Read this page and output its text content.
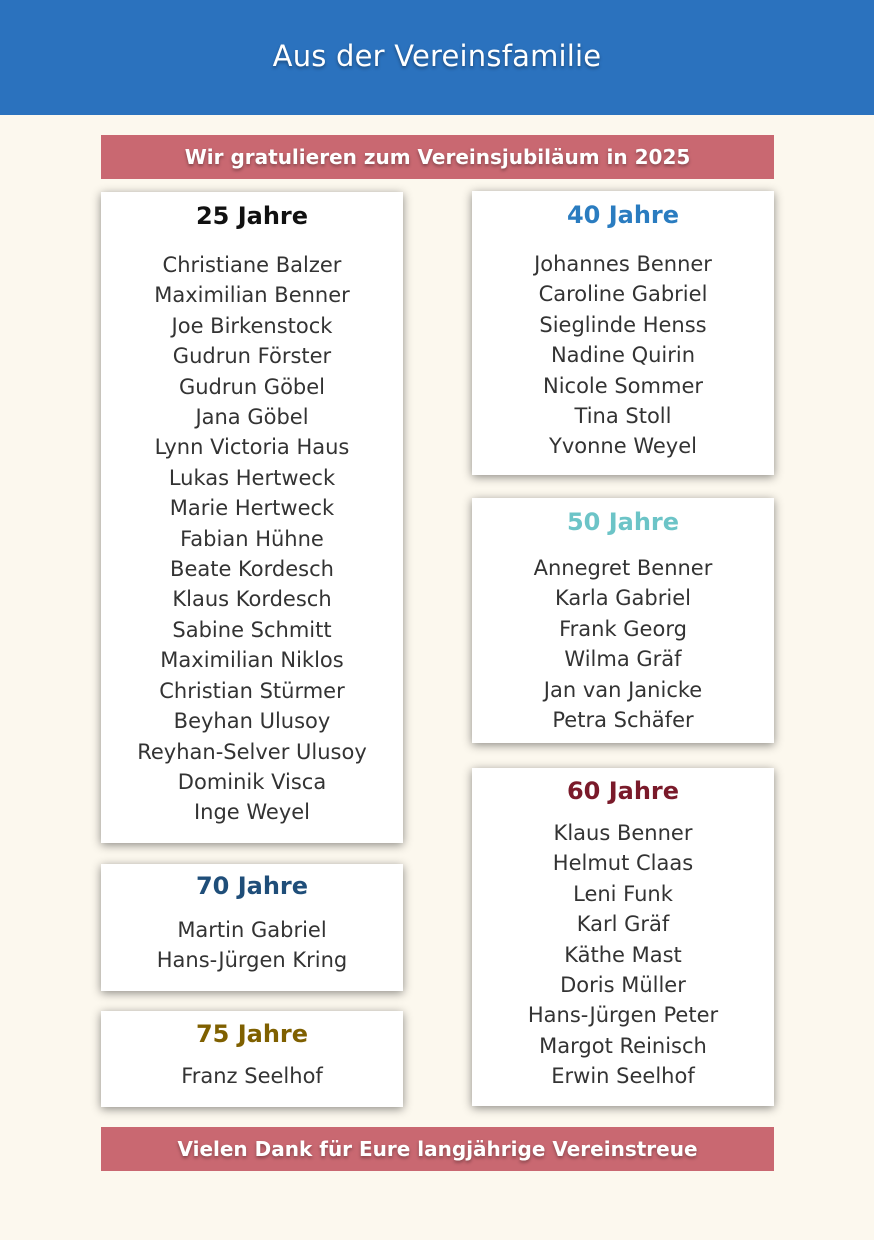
Aus der Vereinsfamilie
Wir gratulieren zum Vereinsjubiläum in 2025
25 Jahre
Christiane Balzer
Maximilian Benner
Joe Birkenstock
Gudrun Förster
Gudrun Göbel
Jana Göbel
Lynn Victoria Haus
Lukas Hertweck
Marie Hertweck
Fabian Hühne
Beate Kordesch
Klaus Kordesch
Sabine Schmitt
Maximilian Niklos
Christian Stürmer
Beyhan Ulusoy
Reyhan-Selver Ulusoy
Dominik Visca
Inge Weyel
40 Jahre
Johannes Benner
Caroline Gabriel
Sieglinde Henss
Nadine Quirin
Nicole Sommer
Tina Stoll
Yvonne Weyel
50 Jahre
Annegret Benner
Karla Gabriel
Frank Georg
Wilma Gräf
Jan van Janicke
Petra Schäfer
60 Jahre
Klaus Benner
Helmut Claas
Leni Funk
Karl Gräf
Käthe Mast
Doris Müller
Hans-Jürgen Peter
Margot Reinisch
Erwin Seelhof
70 Jahre
Martin Gabriel
Hans-Jürgen Kring
75 Jahre
Franz Seelhof
Vielen Dank für Eure langjährige Vereinstreue
